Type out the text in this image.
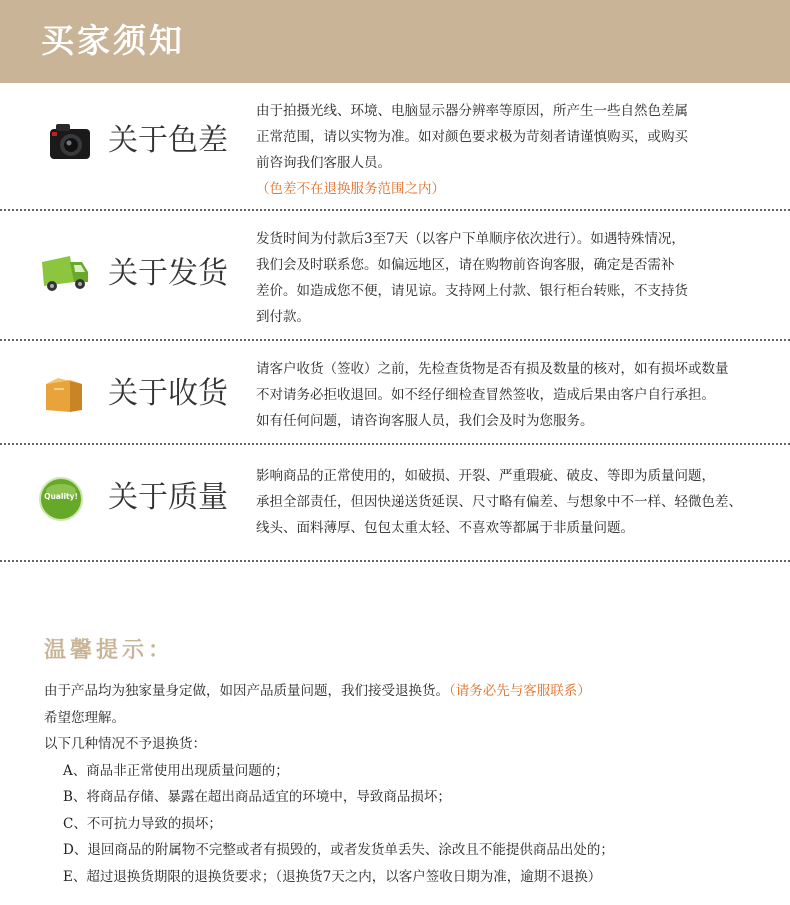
买家须知
关于色差

由于拍摄光线、环境、电脑显示器分辨率等原因，所产生一些自然色差属

正常范围，请以实物为准。如对颜色要求极为苛刻者请谨慎购买，或购买

前咨询我们客服人员。

（色差不在退换服务范围之内）

关于发货

发货时间为付款后3至7天（以客户下单顺序依次进行）。如遇特殊情况，

我们会及时联系您。如偏远地区，请在购物前咨询客服，确定是否需补

差价。如造成您不便，请见谅。支持网上付款、银行柜台转账，不支持货

到付款。

关于收货

请客户收货（签收）之前，先检查货物是否有损及数量的核对，如有损坏或数量

不对请务必拒收退回。如不经仔细检查冒然签收，造成后果由客户自行承担。

如有任何问题，请咨询客服人员，我们会及时为您服务。

Quality! 关于质量

影响商品的正常使用的，如破损、开裂、严重瑕疵、破皮、等即为质量问题，

承担全部责任，但因快递送货延误、尺寸略有偏差、与想象中不一样、轻微色差、

线头、面料薄厚、包包太重太轻、不喜欢等都属于非质量问题。

温馨提示：

由于产品均为独家量身定做，如因产品质量问题，我们接受退换货。（请务必先与客服联系）

希望您理解。

以下几种情况不予退换货：

A、商品非正常使用出现质量问题的；

B、将商品存储、暴露在超出商品适宜的环境中，导致商品损坏；

C、不可抗力导致的损坏；

D、退回商品的附属物不完整或者有损毁的，或者发货单丢失、涂改且不能提供商品出处的；

E、超过退换货期限的退换货要求；（退换货7天之内，以客户签收日期为准，逾期不退换）
